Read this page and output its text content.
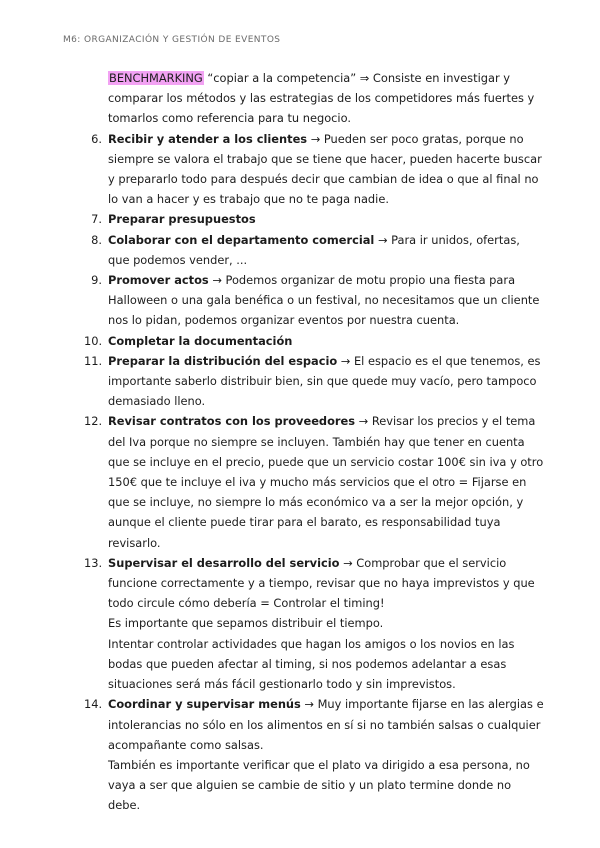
M6: ORGANIZACIÓN Y GESTIÓN DE EVENTOS
BENCHMARKING “copiar a la competencia” ⇒ Consiste en investigar y comparar los métodos y las estrategias de los competidores más fuertes y tomarlos como referencia para tu negocio.
6. Recibir y atender a los clientes → Pueden ser poco gratas, porque no siempre se valora el trabajo que se tiene que hacer, pueden hacerte buscar y prepararlo todo para después decir que cambian de idea o que al final no lo van a hacer y es trabajo que no te paga nadie.
7. Preparar presupuestos
8. Colaborar con el departamento comercial → Para ir unidos, ofertas, que podemos vender, ...
9. Promover actos → Podemos organizar de motu propio una fiesta para Halloween o una gala benéfica o un festival, no necesitamos que un cliente nos lo pidan, podemos organizar eventos por nuestra cuenta.
10. Completar la documentación
11. Preparar la distribución del espacio → El espacio es el que tenemos, es importante saberlo distribuir bien, sin que quede muy vacío, pero tampoco demasiado lleno.
12. Revisar contratos con los proveedores → Revisar los precios y el tema del Iva porque no siempre se incluyen. También hay que tener en cuenta que se incluye en el precio, puede que un servicio costar 100€ sin iva y otro 150€ que te incluye el iva y mucho más servicios que el otro = Fijarse en que se incluye, no siempre lo más económico va a ser la mejor opción, y aunque el cliente puede tirar para el barato, es responsabilidad tuya revisarlo.
13. Supervisar el desarrollo del servicio → Comprobar que el servicio funcione correctamente y a tiempo, revisar que no haya imprevistos y que todo circule cómo debería = Controlar el timing!
Es importante que sepamos distribuir el tiempo.
Intentar controlar actividades que hagan los amigos o los novios en las bodas que pueden afectar al timing, si nos podemos adelantar a esas situaciones será más fácil gestionarlo todo y sin imprevistos.
14. Coordinar y supervisar menús → Muy importante fijarse en las alergias e intolerancias no sólo en los alimentos en sí si no también salsas o cualquier acompañante como salsas.
También es importante verificar que el plato va dirigido a esa persona, no vaya a ser que alguien se cambie de sitio y un plato termine donde no debe.
